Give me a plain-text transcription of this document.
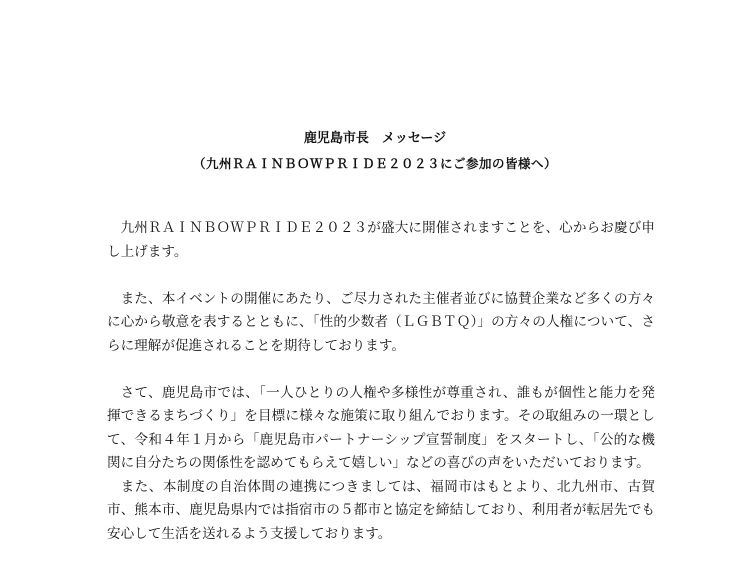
鹿児島市長　メッセージ
（九州ＲＡＩＮＢＯＷＰＲＩＤＥ２０２３にご参加の皆様へ）

九州ＲＡＩＮＢＯＷＰＲＩＤＥ２０２３が盛大に開催されますことを、心からお慶び申し上げます。

また、本イベントの開催にあたり、ご尽力された主催者並びに協賛企業など多くの方々に心から敬意を表するとともに、「性的少数者（ＬＧＢＴＱ）」の方々の人権について、さらに理解が促進されることを期待しております。

さて、鹿児島市では、「一人ひとりの人権や多様性が尊重され、誰もが個性と能力を発揮できるまちづくり」を目標に様々な施策に取り組んでおります。その取組みの一環として、令和４年１月から「鹿児島市パートナーシップ宣誓制度」をスタートし、「公的な機関に自分たちの関係性を認めてもらえて嬉しい」などの喜びの声をいただいております。

また、本制度の自治体間の連携につきましては、福岡市はもとより、北九州市、古賀市、熊本市、鹿児島県内では指宿市の５都市と協定を締結しており、利用者が転居先でも安心して生活を送れるよう支援しております。
